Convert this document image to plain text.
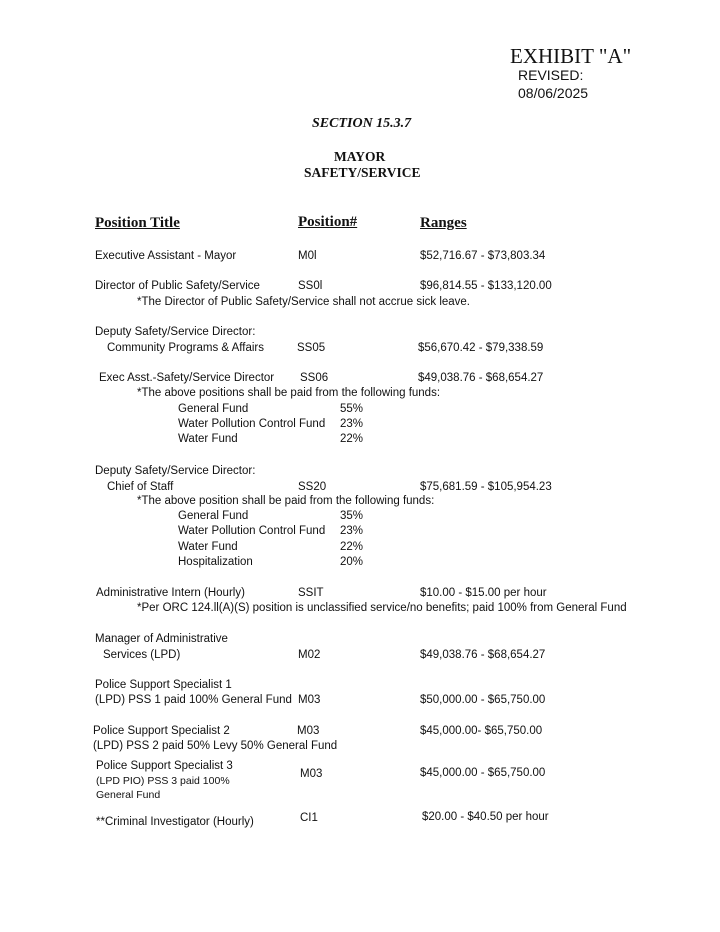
EXHIBIT "A"
REVISED:
08/06/2025
SECTION 15.3.7
MAYOR
SAFETY/SERVICE
Position Title	Position#	Ranges
Executive Assistant - Mayor	M0l	$52,716.67 - $73,803.34
Director of Public Safety/Service	SS0l	$96,814.55 - $133,120.00
*The Director of Public Safety/Service shall not accrue sick leave.
Deputy Safety/Service Director:
Community Programs & Affairs	SS05	$56,670.42 - $79,338.59
Exec Asst.-Safety/Service Director SS06	$49,038.76 - $68,654.27
*The above positions shall be paid from the following funds:
General Fund	55%
Water Pollution Control Fund 23%
Water Fund	22%
Deputy Safety/Service Director:
Chief of Staff	SS20	$75,681.59 - $105,954.23
*The above position shall be paid from the following funds:
General Fund	35%
Water Pollution Control Fund 23%
Water Fund	22%
Hospitalization	20%
Administrative Intern (Hourly)	SSIT	$10.00 - $15.00 per hour
*Per ORC 124.ll(A)(S) position is unclassified service/no benefits; paid 100% from General Fund
Manager of Administrative
Services (LPD)	M02	$49,038.76 - $68,654.27
Police Support Specialist 1
(LPD) PSS 1 paid 100% General Fund M03	$50,000.00 - $65,750.00
Police Support Specialist 2	M03	$45,000.00- $65,750.00
(LPD) PSS 2 paid 50% Levy 50% General Fund
Police Support Specialist 3
(LPD PIO) PSS 3 paid 100%
General Fund
M03	$45,000.00 - $65,750.00
**Criminal Investigator (Hourly)	CI1	$20.00 - $40.50 per hour
